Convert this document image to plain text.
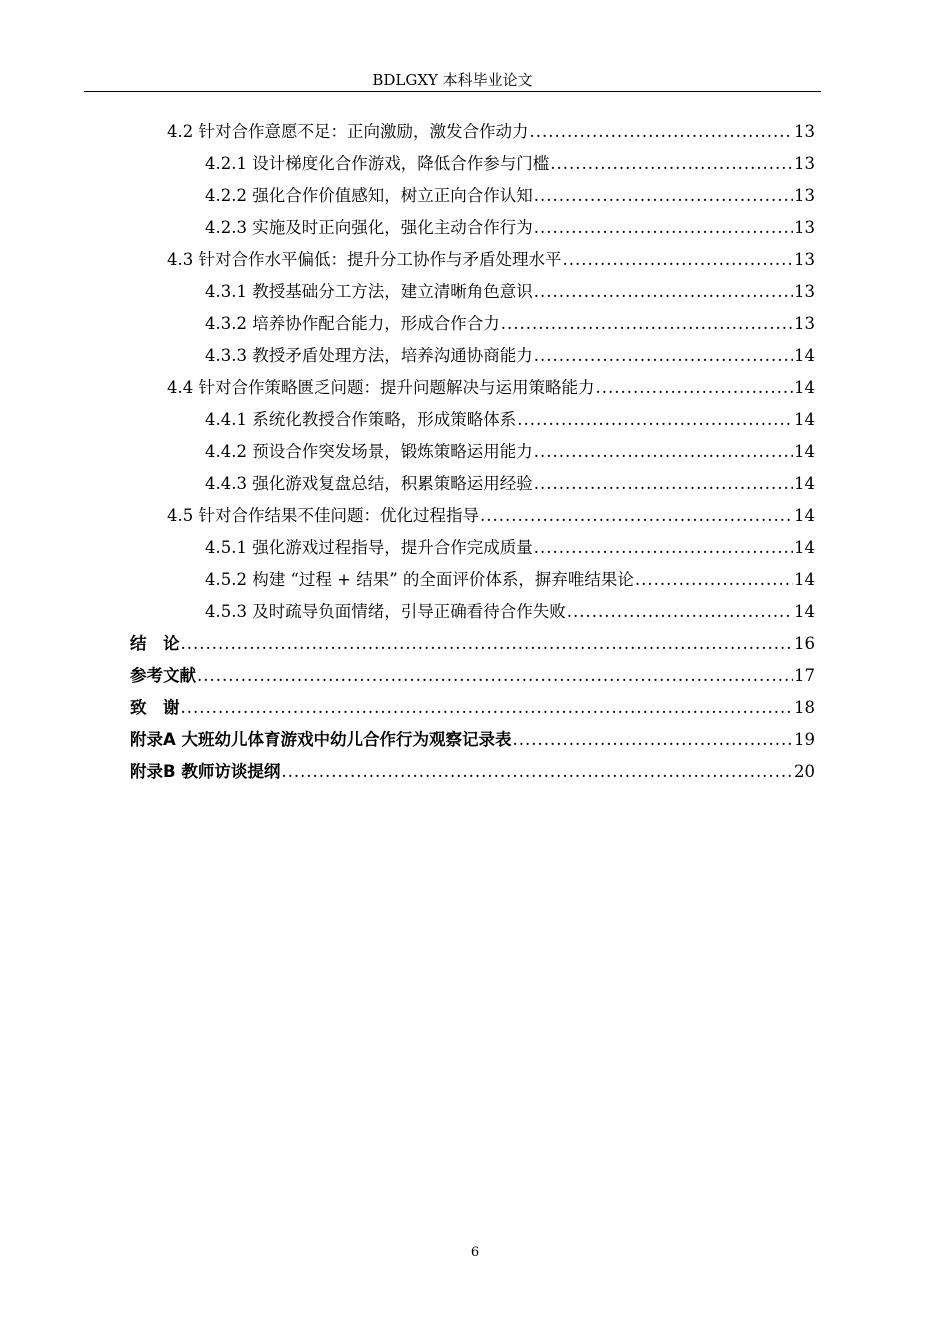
BDLGXY 本科毕业论文
4.2 针对合作意愿不足：正向激励，激发合作动力 .....	13
4.2.1 设计梯度化合作游戏，降低合作参与门槛 .....	13
4.2.2 强化合作价值感知，树立正向合作认知 .....	13
4.2.3 实施及时正向强化，强化主动合作行为 .....	13
4.3 针对合作水平偏低：提升分工协作与矛盾处理水平 .....	13
4.3.1 教授基础分工方法，建立清晰角色意识 .....	13
4.3.2 培养协作配合能力，形成合作合力 .....	13
4.3.3 教授矛盾处理方法，培养沟通协商能力 .....	14
4.4 针对合作策略匮乏问题：提升问题解决与运用策略能力 .....	14
4.4.1 系统化教授合作策略，形成策略体系 .....	14
4.4.2 预设合作突发场景，锻炼策略运用能力 .....	14
4.4.3 强化游戏复盘总结，积累策略运用经验 .....	14
4.5 针对合作结果不佳问题：优化过程指导 .....	14
4.5.1 强化游戏过程指导，提升合作完成质量 .....	14
4.5.2 构建 “过程 + 结果” 的全面评价体系，摒弃唯结果论 .....	14
4.5.3 及时疏导负面情绪，引导正确看待合作失败 .....	14
结　论 .....	16
参考文献 .....	17
致　谢 .....	18
附录A 大班幼儿体育游戏中幼儿合作行为观察记录表 .....	19
附录B 教师访谈提纲 .....	20
6
